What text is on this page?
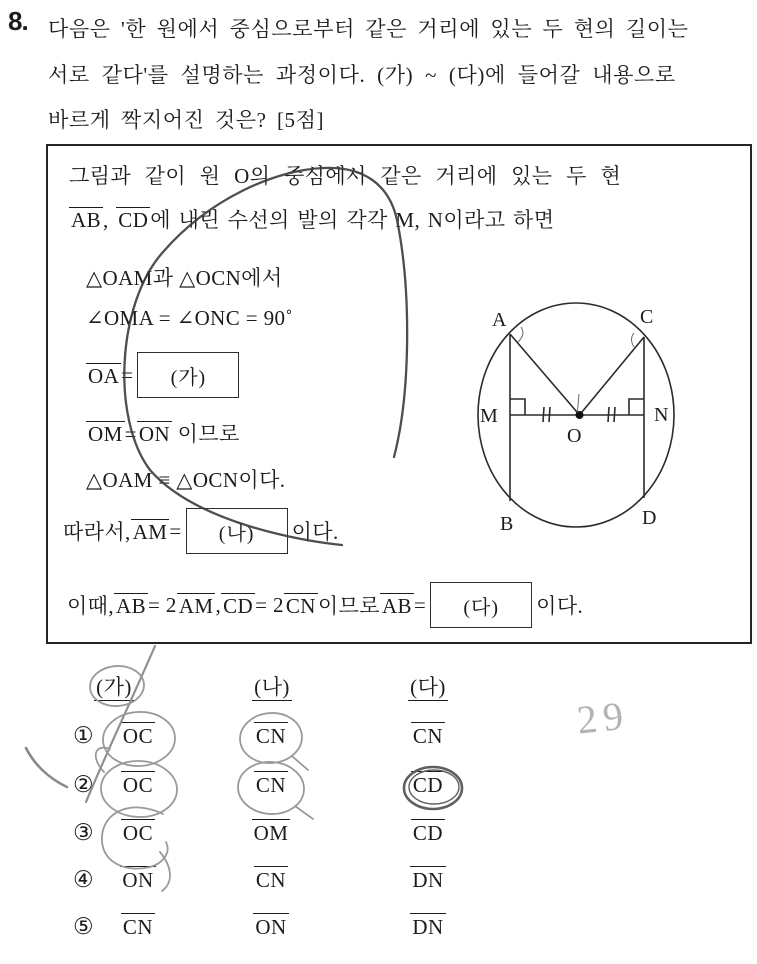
8. 다음은 '한 원에서 중심으로부터 같은 거리에 있는 두 현의 길이는
서로 같다'를 설명하는 과정이다. (가) ~ (다)에 들어갈 내용으로
바르게 짝지어진 것은? [5점]
그림과 같이 원 O의 중심에서 같은 거리에 있는 두 현
AB, CD에 내린 수선의 발의 각각 M, N이라고 하면
△OAM과 △OCN에서
∠OMA = ∠ONC = 90˚
OA =	(가)
OM=ON 이므로
△OAM ≡ △OCN이다.
따라서, AM =	(나)	이다.
이때, AB = 2 AM , CD = 2 CN 이므로 AB =	(다)	이다.
A	C
M	N
O
B	D
(가)	(나)	(다)
①	OC	CN	CN
②	OC	CN	CD
③	OC	OM	CD
④	ON	CN	DN
⑤	CN	ON	DN
29
